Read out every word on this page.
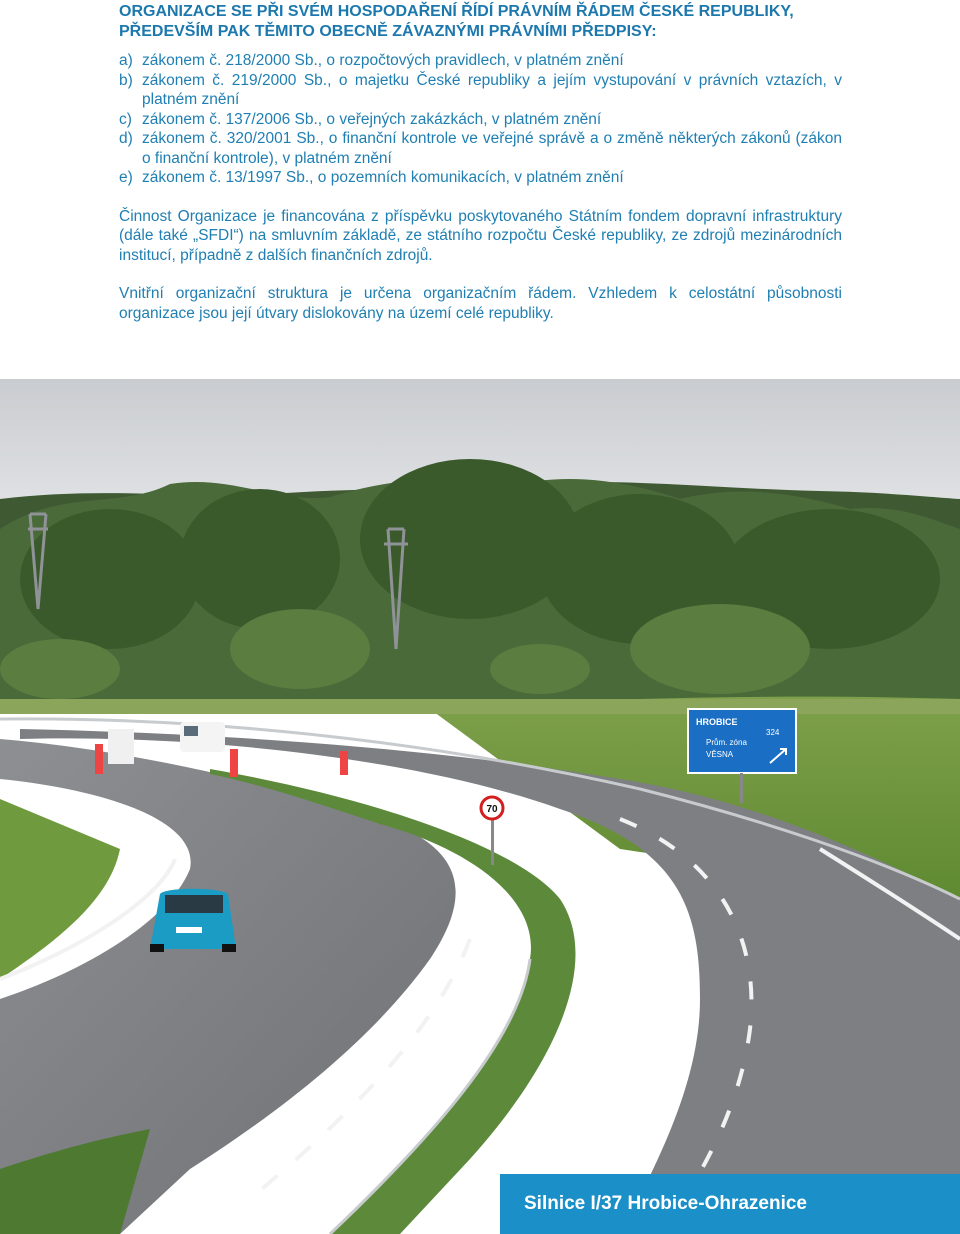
ORGANIZACE SE PŘI SVÉM HOSPODAŘENÍ ŘÍDÍ PRÁVNÍM ŘÁDEM ČESKÉ REPUBLIKY,
PŘEDEVŠÍM PAK TĚMITO OBECNĚ ZÁVAZNÝMI PRÁVNÍMI PŘEDPISY:
a) zákonem č. 218/2000 Sb., o rozpočtových pravidlech, v platném znění
b) zákonem č. 219/2000 Sb., o majetku České republiky a jejím vystupování v právních vztazích, v platném znění
c) zákonem č. 137/2006 Sb., o veřejných zakázkách, v platném znění
d) zákonem č. 320/2001 Sb., o finanční kontrole ve veřejné správě a o změně některých zákonů (zákon o finanční kontrole), v platném znění
e) zákonem č. 13/1997 Sb., o pozemních komunikacích, v platném znění

Činnost Organizace je financována z příspěvku poskytovaného Státním fondem dopravní infrastruktury (dále také „SFDI“) na smluvním základě, ze státního rozpočtu České republiky, ze zdrojů mezinárodních institucí, případně z dalších finančních zdrojů.

Vnitřní organizační struktura je určena organizačním řádem. Vzhledem k celostátní působnosti organizace jsou její útvary dislokovány na území celé republiky.

HROBICE
324
Prům. zóna
VĚSNA
70
Silnice I/37 Hrobice-Ohrazenice
